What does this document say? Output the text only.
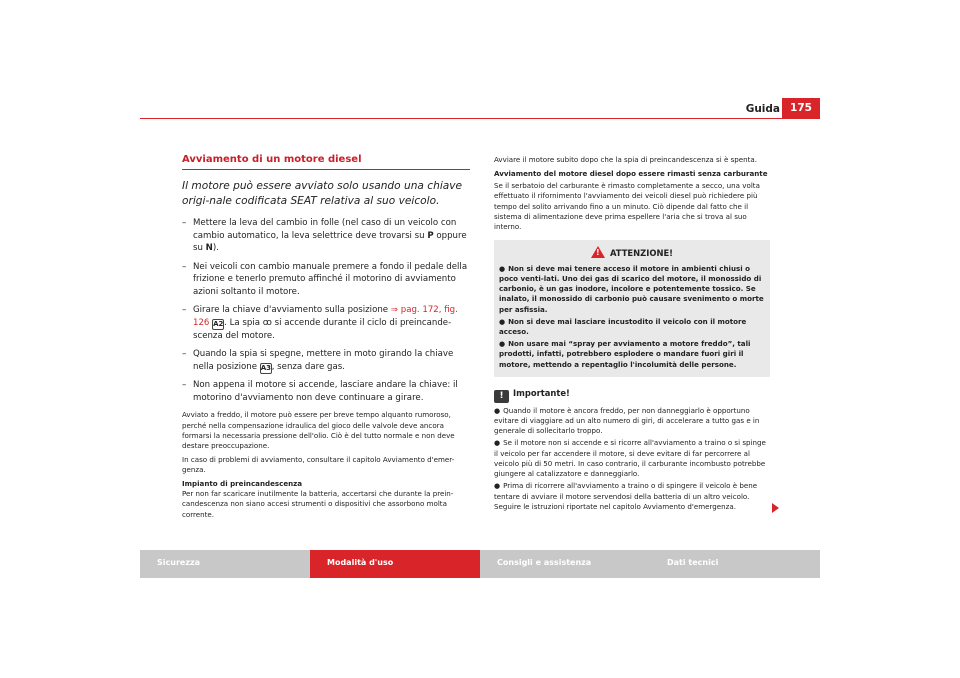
Guida 175
Avviamento di un motore diesel
Il motore può essere avviato solo usando una chiave origi-nale codificata SEAT relativa al suo veicolo.
– Mettere la leva del cambio in folle (nel caso di un veicolo con cambio automatico, la leva selettrice deve trovarsi su P oppure su N).
– Nei veicoli con cambio manuale premere a fondo il pedale della frizione e tenerlo premuto affinché il motorino di avviamento azioni soltanto il motore.
– Girare la chiave d'avviamento sulla posizione ⇒ pag. 172, fig. 126 A2. La spia ꝏ si accende durante il ciclo di preincande-scenza del motore.
– Quando la spia si spegne, mettere in moto girando la chiave nella posizione A3, senza dare gas.
– Non appena il motore si accende, lasciare andare la chiave: il motorino d'avviamento non deve continuare a girare.

Avviato a freddo, il motore può essere per breve tempo alquanto rumoroso, perché nella compensazione idraulica del gioco delle valvole deve ancora formarsi la necessaria pressione dell'olio. Ciò è del tutto normale e non deve destare preoccupazione.

In caso di problemi di avviamento, consultare il capitolo Avviamento d'emer-genza.

Impianto di preincandescenza

Per non far scaricare inutilmente la batteria, accertarsi che durante la prein-candescenza non siano accesi strumenti o dispositivi che assorbono molta corrente.

Avviare il motore subito dopo che la spia di preincandescenza si è spenta.

Avviamento del motore diesel dopo essere rimasti senza carburante

Se il serbatoio del carburante è rimasto completamente a secco, una volta effettuato il rifornimento l'avviamento dei veicoli diesel può richiedere più tempo del solito arrivando fino a un minuto. Ciò dipende dal fatto che il sistema di alimentazione deve prima espellere l'aria che si trova al suo interno.

! ATTENZIONE!

● Non si deve mai tenere acceso il motore in ambienti chiusi o poco venti-lati. Uno dei gas di scarico del motore, il monossido di carbonio, è un gas inodore, incolore e potentemente tossico. Se inalato, il monossido di carbonio può causare svenimento o morte per asfissia.

● Non si deve mai lasciare incustodito il veicolo con il motore acceso.

● Non usare mai “spray per avviamento a motore freddo”, tali prodotti, infatti, potrebbero esplodere o mandare fuori giri il motore, mettendo a repentaglio l'incolumità delle persone.

! Importante!

● Quando il motore è ancora freddo, per non danneggiarlo è opportuno evitare di viaggiare ad un alto numero di giri, di accelerare a tutto gas e in generale di sollecitarlo troppo.

● Se il motore non si accende e si ricorre all'avviamento a traino o si spinge il veicolo per far accendere il motore, si deve evitare di far percorrere al veicolo più di 50 metri. In caso contrario, il carburante incombusto potrebbe giungere al catalizzatore e danneggiarlo.

● Prima di ricorrere all'avviamento a traino o di spingere il veicolo è bene tentare di avviare il motore servendosi della batteria di un altro veicolo. Seguire le istruzioni riportate nel capitolo Avviamento d'emergenza.

Sicurezza	Modalità d'uso	Consigli e assistenza	Dati tecnici
